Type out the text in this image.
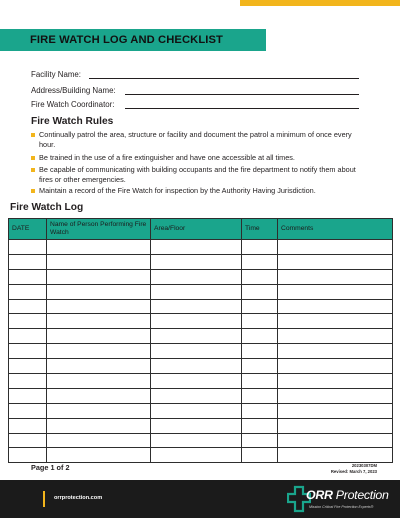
FIRE WATCH LOG AND CHECKLIST
Facility Name:
Address/Building Name:
Fire Watch Coordinator:
Fire Watch Rules
Continually patrol the area, structure or facility and document the patrol a minimum of once every hour.
Be trained in the use of a fire extinguisher and have one accessible at all times.
Be capable of communicating with building occupants and the fire department to notify them about fires or other emergencies.
Maintain a record of the Fire Watch for inspection by the Authority Having Jurisdiction.
Fire Watch Log
DATE	Name of Person Performing Fire Watch	Area/Floor	Time	Comments

Page 1 of 2	20230307DM
Revised: March 7, 2023
orrprotection.com	ORR Protection
Mission Critical Fire Protection Experts®
